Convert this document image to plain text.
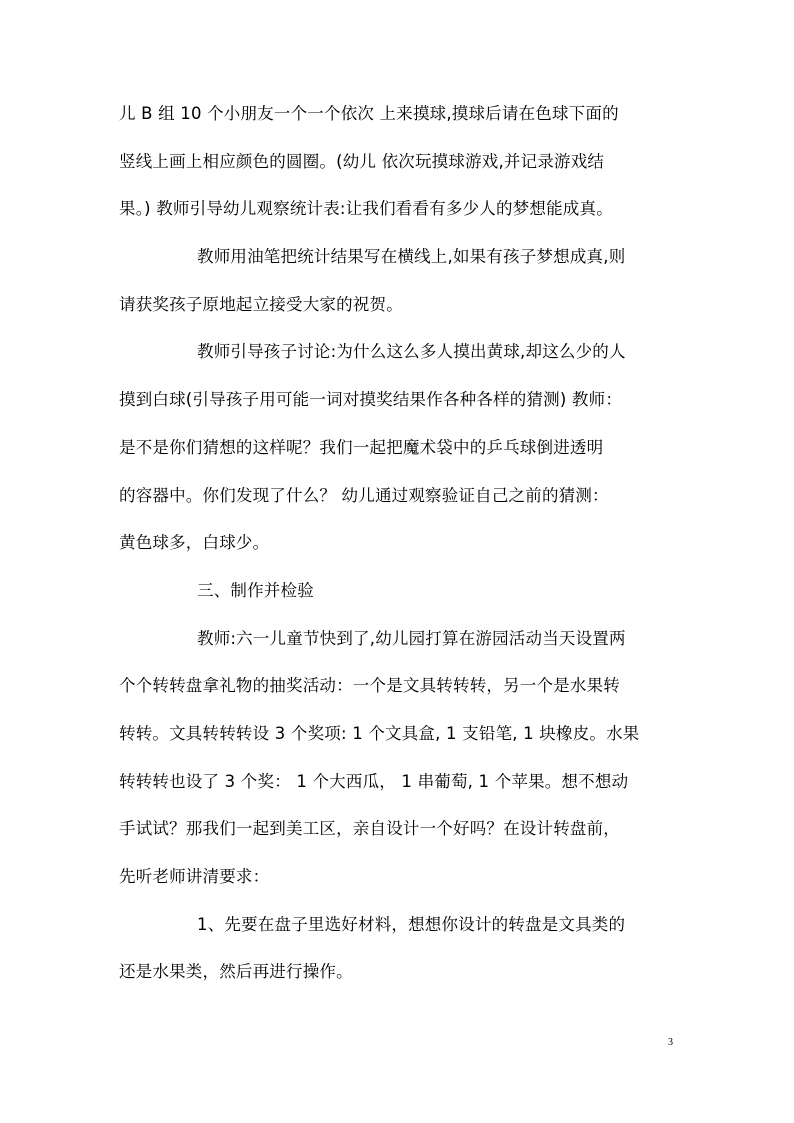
儿 B 组 10 个小朋友一个一个依次 上来摸球,摸球后请在色球下面的
竖线上画上相应颜色的圆圈。(幼儿 依次玩摸球游戏,并记录游戏结
果。) 教师引导幼儿观察统计表:让我们看看有多少人的梦想能成真。
教师用油笔把统计结果写在横线上,如果有孩子梦想成真,则
请获奖孩子原地起立接受大家的祝贺。
教师引导孩子讨论:为什么这么多人摸出黄球,却这么少的人
摸到白球(引导孩子用可能一词对摸奖结果作各种各样的猜测) 教师：
是不是你们猜想的这样呢？我们一起把魔术袋中的乒乓球倒进透明
的容器中。你们发现了什么？ 幼儿通过观察验证自己之前的猜测：
黄色球多，白球少。
三、制作并检验
教师:六一儿童节快到了,幼儿园打算在游园活动当天设置两
个个转转盘拿礼物的抽奖活动：一个是文具转转转，另一个是水果转
转转。文具转转转设 3 个奖项: 1 个文具盒, 1 支铅笔, 1 块橡皮。水果
转转转也设了 3 个奖： 1 个大西瓜， 1 串葡萄, 1 个苹果。想不想动
手试试？那我们一起到美工区，亲自设计一个好吗？在设计转盘前，
先听老师讲清要求：
1、先要在盘子里选好材料，想想你设计的转盘是文具类的
还是水果类，然后再进行操作。
3
